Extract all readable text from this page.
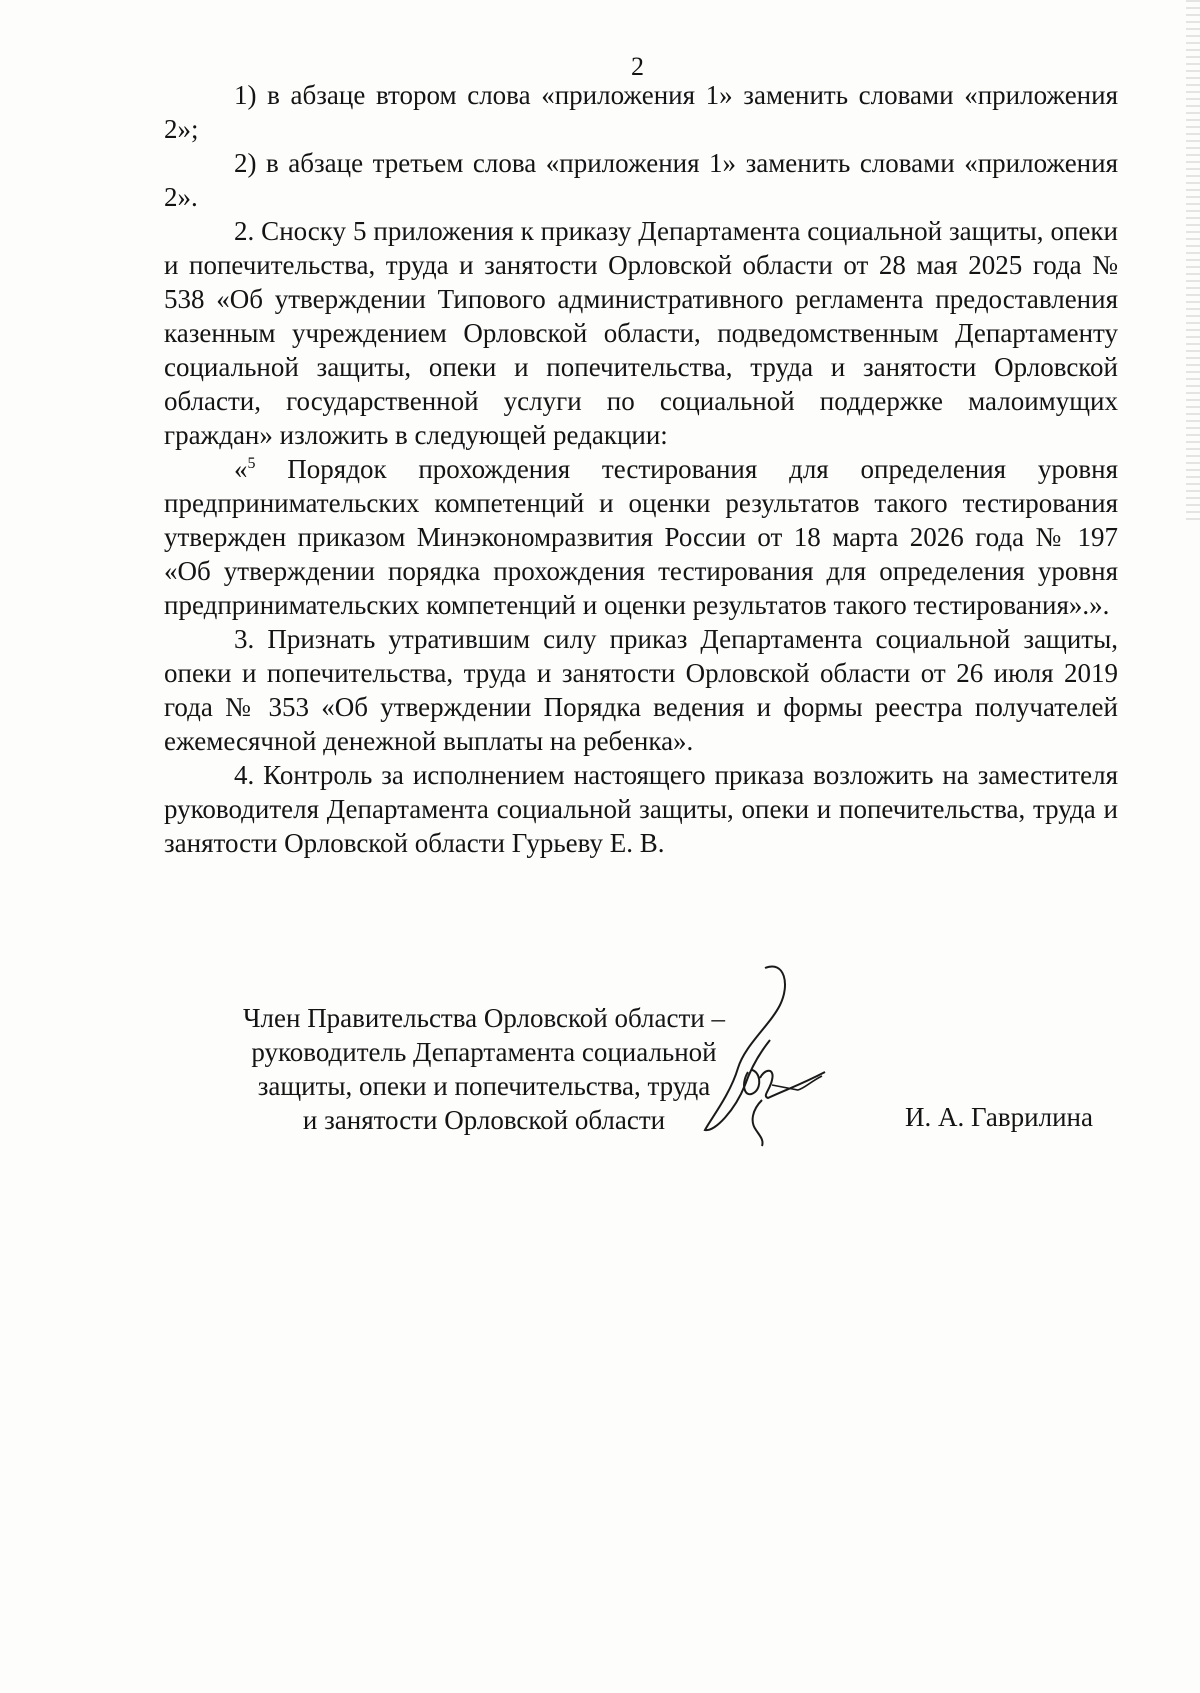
2

1) в абзаце втором слова «приложения 1» заменить словами «приложения 2»;

2) в абзаце третьем слова «приложения 1» заменить словами «приложения 2».

2. Сноску 5 приложения к приказу Департамента социальной защиты, опеки и попечительства, труда и занятости Орловской области от 28 мая 2025 года № 538 «Об утверждении Типового административного регламента предоставления казенным учреждением Орловской области, подведомственным Департаменту социальной защиты, опеки и попечительства, труда и занятости Орловской области, государственной услуги по социальной поддержке малоимущих граждан» изложить в следующей редакции:

«$^5$ Порядок прохождения тестирования для определения уровня предпринимательских компетенций и оценки результатов такого тестирования утвержден приказом Минэкономразвития России от 18 марта 2026 года № 197 «Об утверждении порядка прохождения тестирования для определения уровня предпринимательских компетенций и оценки результатов такого тестирования».».

3. Признать утратившим силу приказ Департамента социальной защиты, опеки и попечительства, труда и занятости Орловской области от 26 июля 2019 года № 353 «Об утверждении Порядка ведения и формы реестра получателей ежемесячной денежной выплаты на ребенка».

4. Контроль за исполнением настоящего приказа возложить на заместителя руководителя Департамента социальной защиты, опеки и попечительства, труда и занятости Орловской области Гурьеву Е. В.

Член Правительства Орловской области –
руководитель Департамента социальной
защиты, опеки и попечительства, труда
и занятости Орловской области	И. А. Гаврилина
